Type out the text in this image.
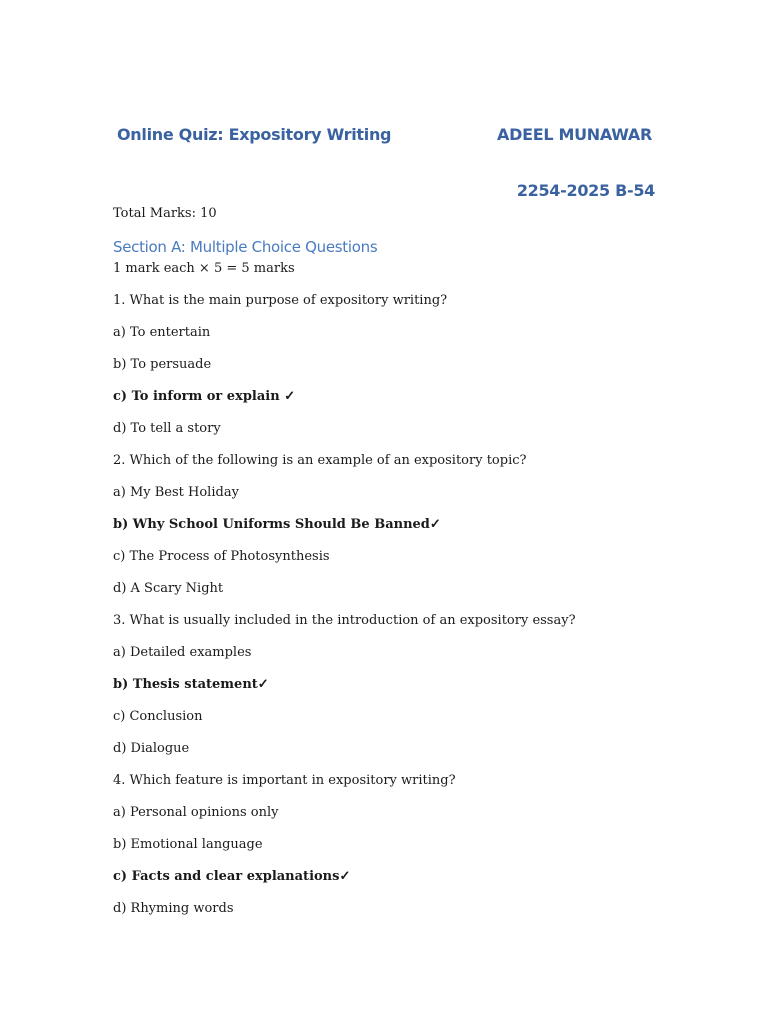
Online Quiz: Expository Writing	ADEEL MUNAWAR
2254-2025 B-54
Total Marks: 10
Section A: Multiple Choice Questions
1 mark each × 5 = 5 marks
1. What is the main purpose of expository writing?
a) To entertain
b) To persuade
c) To inform or explain ✓
d) To tell a story
2. Which of the following is an example of an expository topic?
a) My Best Holiday
b) Why School Uniforms Should Be Banned✓
c) The Process of Photosynthesis
d) A Scary Night
3. What is usually included in the introduction of an expository essay?
a) Detailed examples
b) Thesis statement✓
c) Conclusion
d) Dialogue
4. Which feature is important in expository writing?
a) Personal opinions only
b) Emotional language
c) Facts and clear explanations✓
d) Rhyming words
